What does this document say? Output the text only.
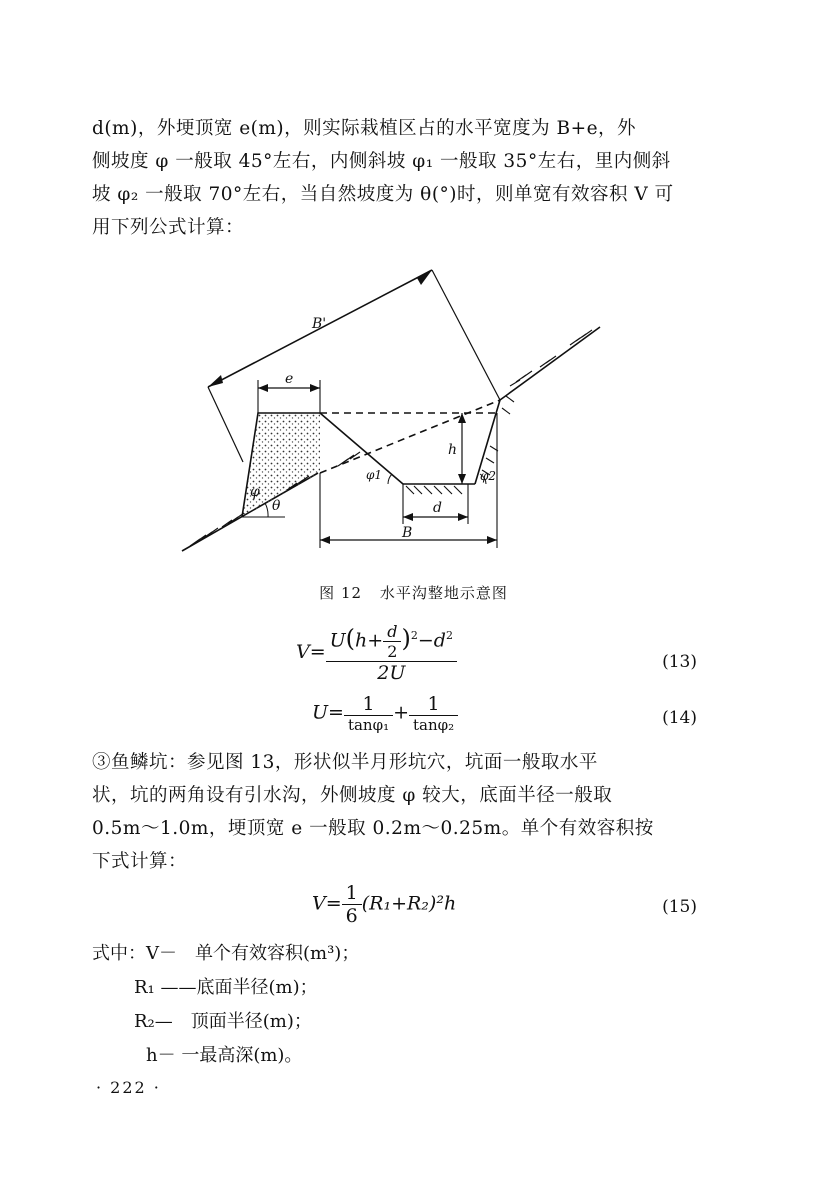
d(m)，外埂顶宽 e(m)，则实际栽植区占的水平宽度为 B+e，外

侧坡度 φ 一般取 45°左右，内侧斜坡 φ₁ 一般取 35°左右，里内侧斜

坡 φ₂ 一般取 70°左右，当自然坡度为 θ(°)时，则单宽有效容积 V 可

用下列公式计算：

B'
e
h
φ
θ
φ1	φ2
d
B
图 12 水平沟整地示意图
$V= \frac{U(h+ \frac{d}{2} )^2-d^2}{2U}$	(13)
$U= \frac{1}{\text{tanφ₁}} + \frac{1}{\text{tanφ₂}}$	(14)

③鱼鳞坑：参见图 13，形状似半月形坑穴，坑面一般取水平

状，坑的两角设有引水沟，外侧坡度 φ 较大，底面半径一般取

0.5m～1.0m，埂顶宽 e 一般取 0.2m～0.25m。单个有效容积按

下式计算：

$V= \frac{1}{6} (R_1+R_2)^2h$	(15)
式中：V－　单个有效容积(m³)；
R₁ ——底面半径(m)；
R₂—　顶面半径(m)；
h－ 一最高深(m)。
· 222 ·
